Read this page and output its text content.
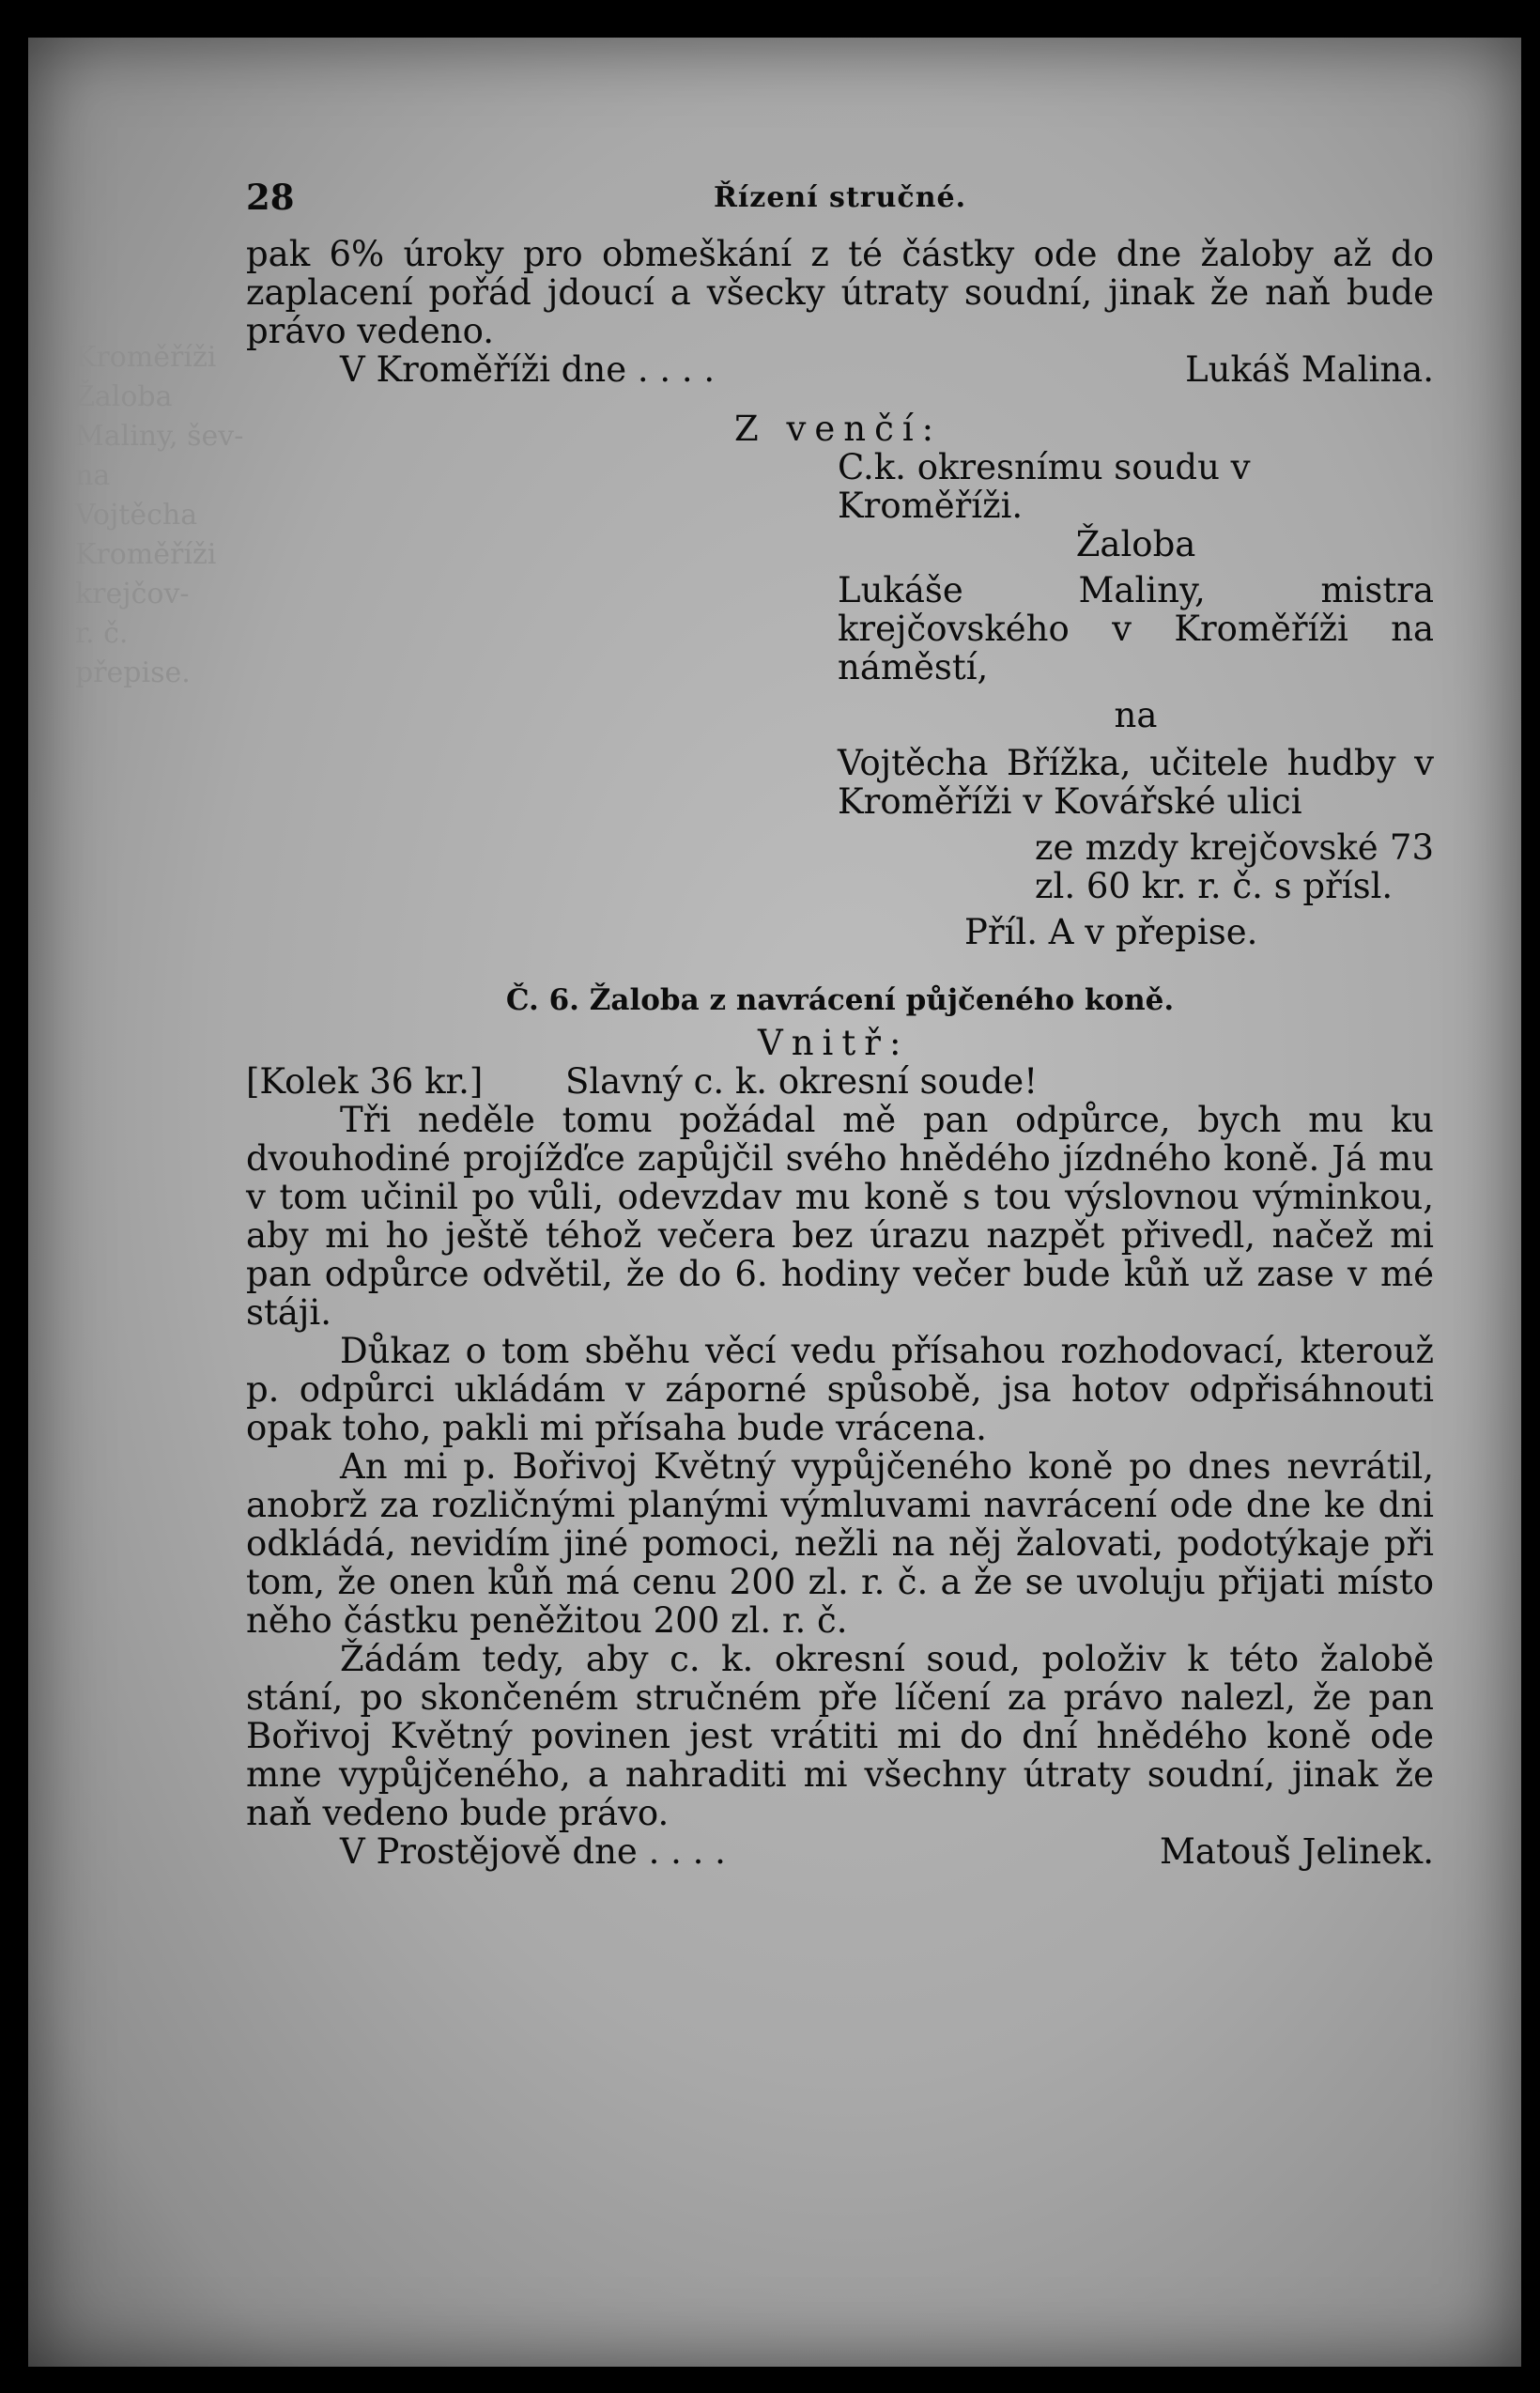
Kroměříži
Žaloba
Maliny, šev-
na
Vojtěcha
Kroměříži
krejčov-
r. č.
přepise.
28	Řízení stručné.

pak 6% úroky pro obmeškání z té částky ode dne žaloby až do zaplacení pořád jdoucí a všecky útraty soudní, jinak že naň bude právo vedeno.

V Kroměříži dne . . . .	Lukáš Malina.
Z venčí:
C.k. okresnímu soudu v Kroměříži.
Žaloba

Lukáše Maliny, mistra krejčovského v Kroměříži na náměstí,

na

Vojtěcha Břížka, učitele hudby v Kroměříži v Kovářské ulici

ze mzdy krejčovské 73 zl. 60 kr. r. č. s přísl.

Příl. A v přepise.
Č. 6. Žaloba z navrácení půjčeného koně.
Vnitř:
[Kolek 36 kr.]	Slavný c. k. okresní soude!

Tři neděle tomu požádal mě pan odpůrce, bych mu ku dvouhodiné projížďce zapůjčil svého hnědého jízdného koně. Já mu v tom učinil po vůli, odevzdav mu koně s tou výslovnou výminkou, aby mi ho ještě téhož večera bez úrazu nazpět přivedl, načež mi pan odpůrce odvětil, že do 6. hodiny večer bude kůň už zase v mé stáji.

Důkaz o tom sběhu věcí vedu přísahou rozhodovací, kterouž p. odpůrci ukládám v záporné spůsobě, jsa hotov odpřisáhnouti opak toho, pakli mi přísaha bude vrácena.

An mi p. Bořivoj Květný vypůjčeného koně po dnes nevrátil, anobrž za rozličnými planými výmluvami navrácení ode dne ke dni odkládá, nevidím jiné pomoci, nežli na něj žalovati, podotýkaje při tom, že onen kůň má cenu 200 zl. r. č. a že se uvoluju přijati místo něho částku peněžitou 200 zl. r. č.

Žádám tedy, aby c. k. okresní soud, položiv k této žalobě stání, po skončeném stručném pře líčení za právo nalezl, že pan Bořivoj Květný povinen jest vrátiti mi do dní hnědého koně ode mne vypůjčeného, a nahraditi mi všechny útraty soudní, jinak že naň vedeno bude právo.

V Prostějově dne . . . .	Matouš Jelinek.
